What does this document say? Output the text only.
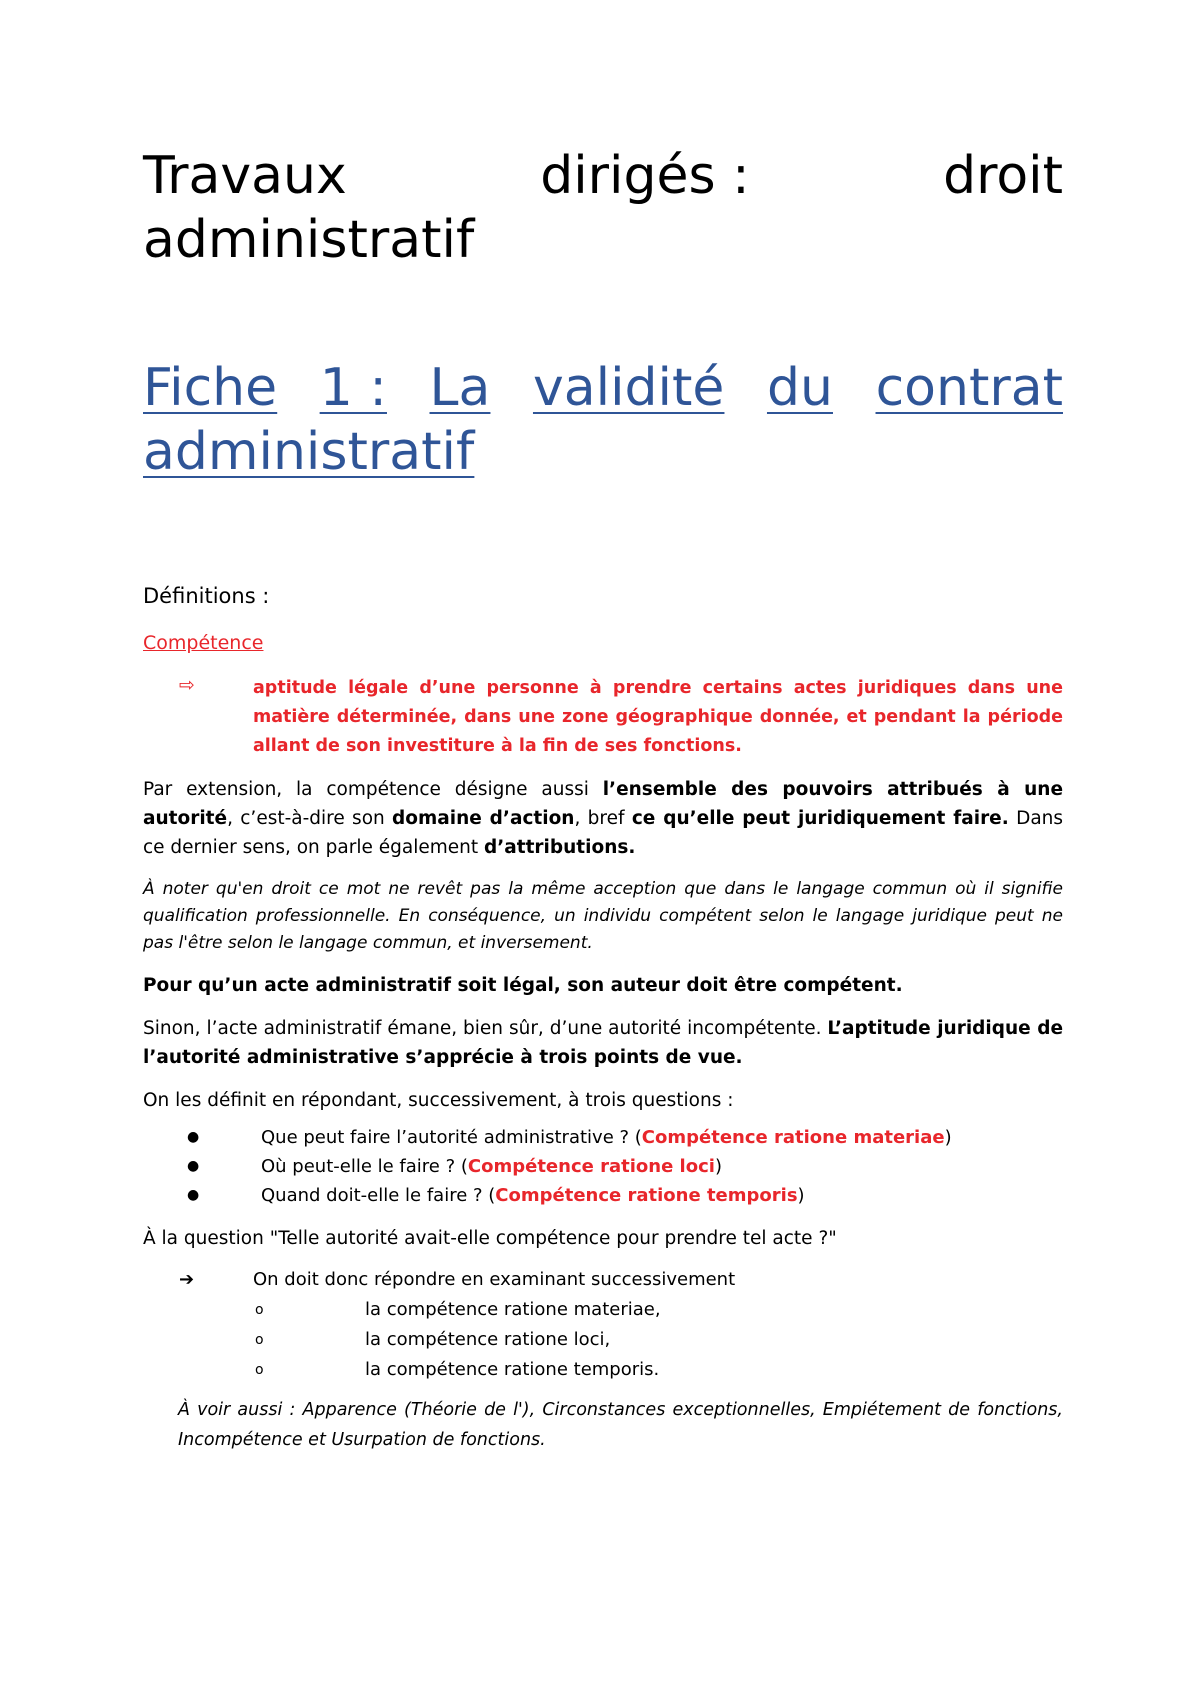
Travaux	dirigés :	droit
administratif
Fiche 1 : La validité du contrat
administratif

Définitions :

Compétence

⇨	aptitude légale d’une personne à prendre certains actes juridiques dans une matière déterminée, dans une zone géographique donnée, et pendant la période allant de son investiture à la fin de ses fonctions.

Par extension, la compétence désigne aussi l’ensemble des pouvoirs attribués à une autorité, c’est-à-dire son domaine d’action, bref ce qu’elle peut juridiquement faire. Dans ce dernier sens, on parle également d’attributions.

À noter qu'en droit ce mot ne revêt pas la même acception que dans le langage commun où il signifie qualification professionnelle. En conséquence, un individu compétent selon le langage juridique peut ne pas l'être selon le langage commun, et inversement.

Pour qu’un acte administratif soit légal, son auteur doit être compétent.

Sinon, l’acte administratif émane, bien sûr, d’une autorité incompétente. L’aptitude juridique de l’autorité administrative s’apprécie à trois points de vue.

On les définit en répondant, successivement, à trois questions :

●	Que peut faire l’autorité administrative ? (Compétence ratione materiae)
●	Où peut-elle le faire ? (Compétence ratione loci)
●	Quand doit-elle le faire ? (Compétence ratione temporis)

À la question "Telle autorité avait-elle compétence pour prendre tel acte ?"

➔	On doit donc répondre en examinant successivement
o	la compétence ratione materiae,
o	la compétence ratione loci,
o	la compétence ratione temporis.

À voir aussi : Apparence (Théorie de l'), Circonstances exceptionnelles, Empiétement de fonctions, Incompétence et Usurpation de fonctions.
